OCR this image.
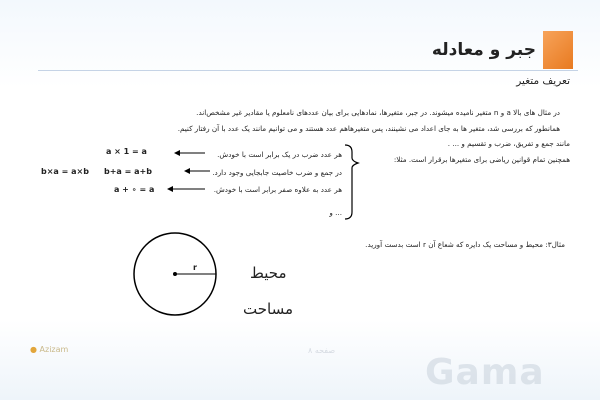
جبر و معادله
تعریف متغیر
در مثال های بالا a و n متغیر نامیده میشوند. در جبر، متغیرها، نمادهایی برای بیان عددهای نامعلوم یا مقادیر غیر مشخص‌اند.
همانطور که بررسی شد، متغیر ها به جای اعداد می نشینند، پس متغیرهاهم عدد هستند و می توانیم مانند یک عدد با آن رفتار کنیم.
مانند جمع و تفریق، ضرب و تقسیم و ... .
همچنین تمام قوانین ریاضی برای متغیرها برقرار است. مثلا:
هر عدد ضرب در یک برابر است با خودش.
در جمع و ضرب خاصیت جابجایی وجود دارد.
هر عدد به علاوه صفر برابر است با خودش.
... و
a × 1 = a
b+a = a+b
b×a = a×b
a + ∘ = a
r
مثال۳: محیط و مساحت یک دایره که شعاع آن r است بدست آورید.
محیط
مساحت
● Azizam	صفحه ۸
Gama
